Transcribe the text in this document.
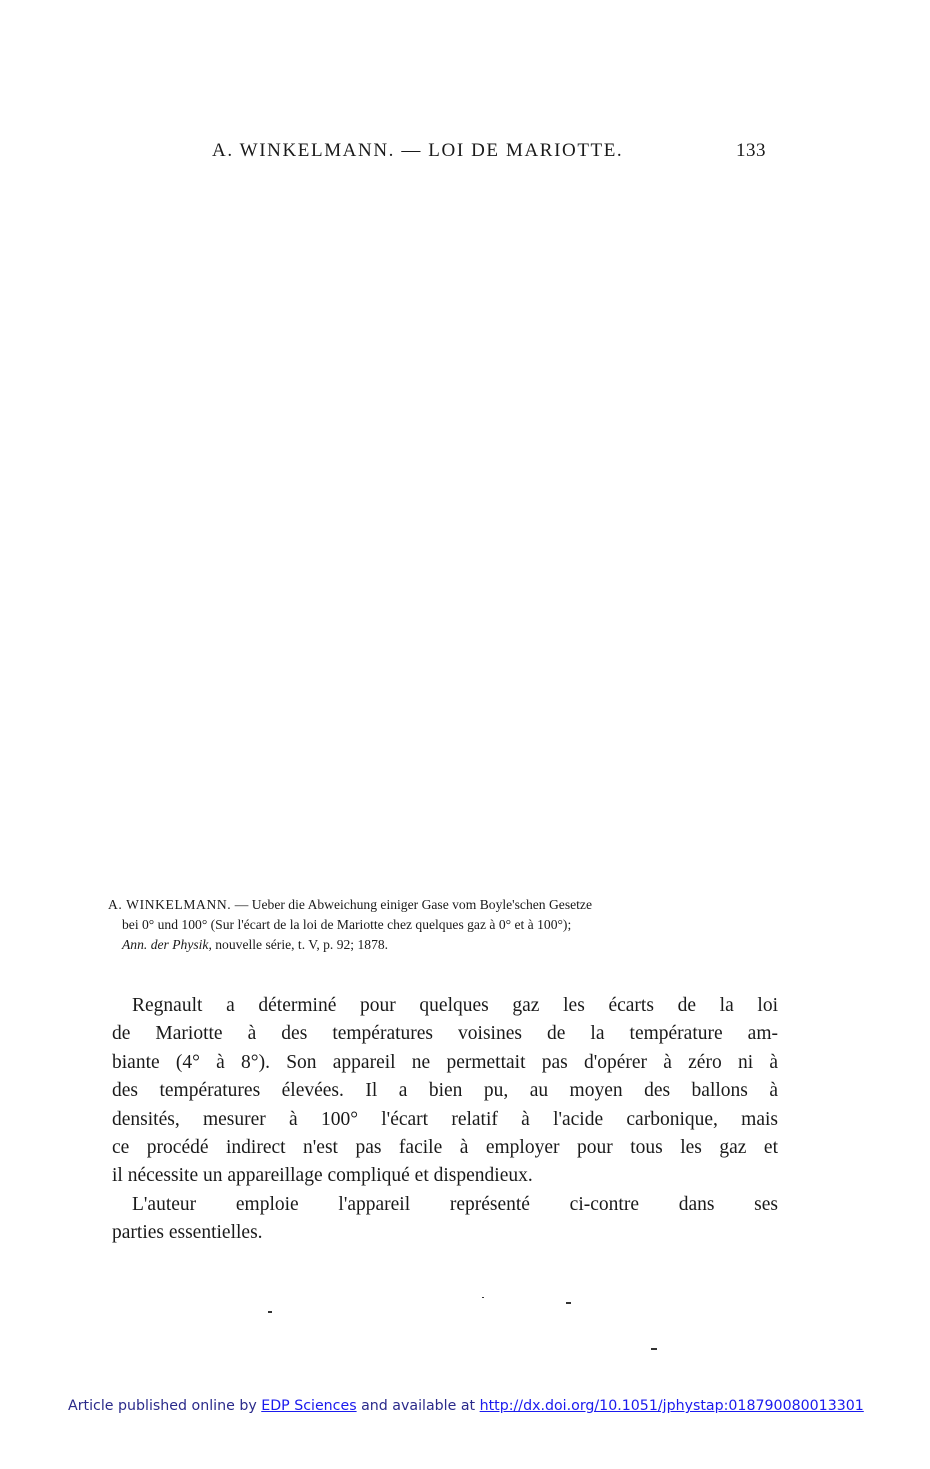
A. WINKELMANN. — LOI DE MARIOTTE.	133
A. WINKELMANN. — Ueber die Abweichung einiger Gase vom Boyle'schen Gesetze
bei 0° und 100° (Sur l'écart de la loi de Mariotte chez quelques gaz à 0° et à 100°);
Ann. der Physik, nouvelle série, t. V, p. 92; 1878.
Regnault a déterminé pour quelques gaz les écarts de la loi
de Mariotte à des températures voisines de la température am-
biante (4° à 8°). Son appareil ne permettait pas d'opérer à zéro ni à
des températures élevées. Il a bien pu, au moyen des ballons à
densités, mesurer à 100° l'écart relatif à l'acide carbonique, mais
ce procédé indirect n'est pas facile à employer pour tous les gaz et
il nécessite un appareillage compliqué et dispendieux.
L'auteur emploie l'appareil représenté ci-contre dans ses
parties essentielles.
Article published online by EDP Sciences and available at http://dx.doi.org/10.1051/jphystap:018790080013301
